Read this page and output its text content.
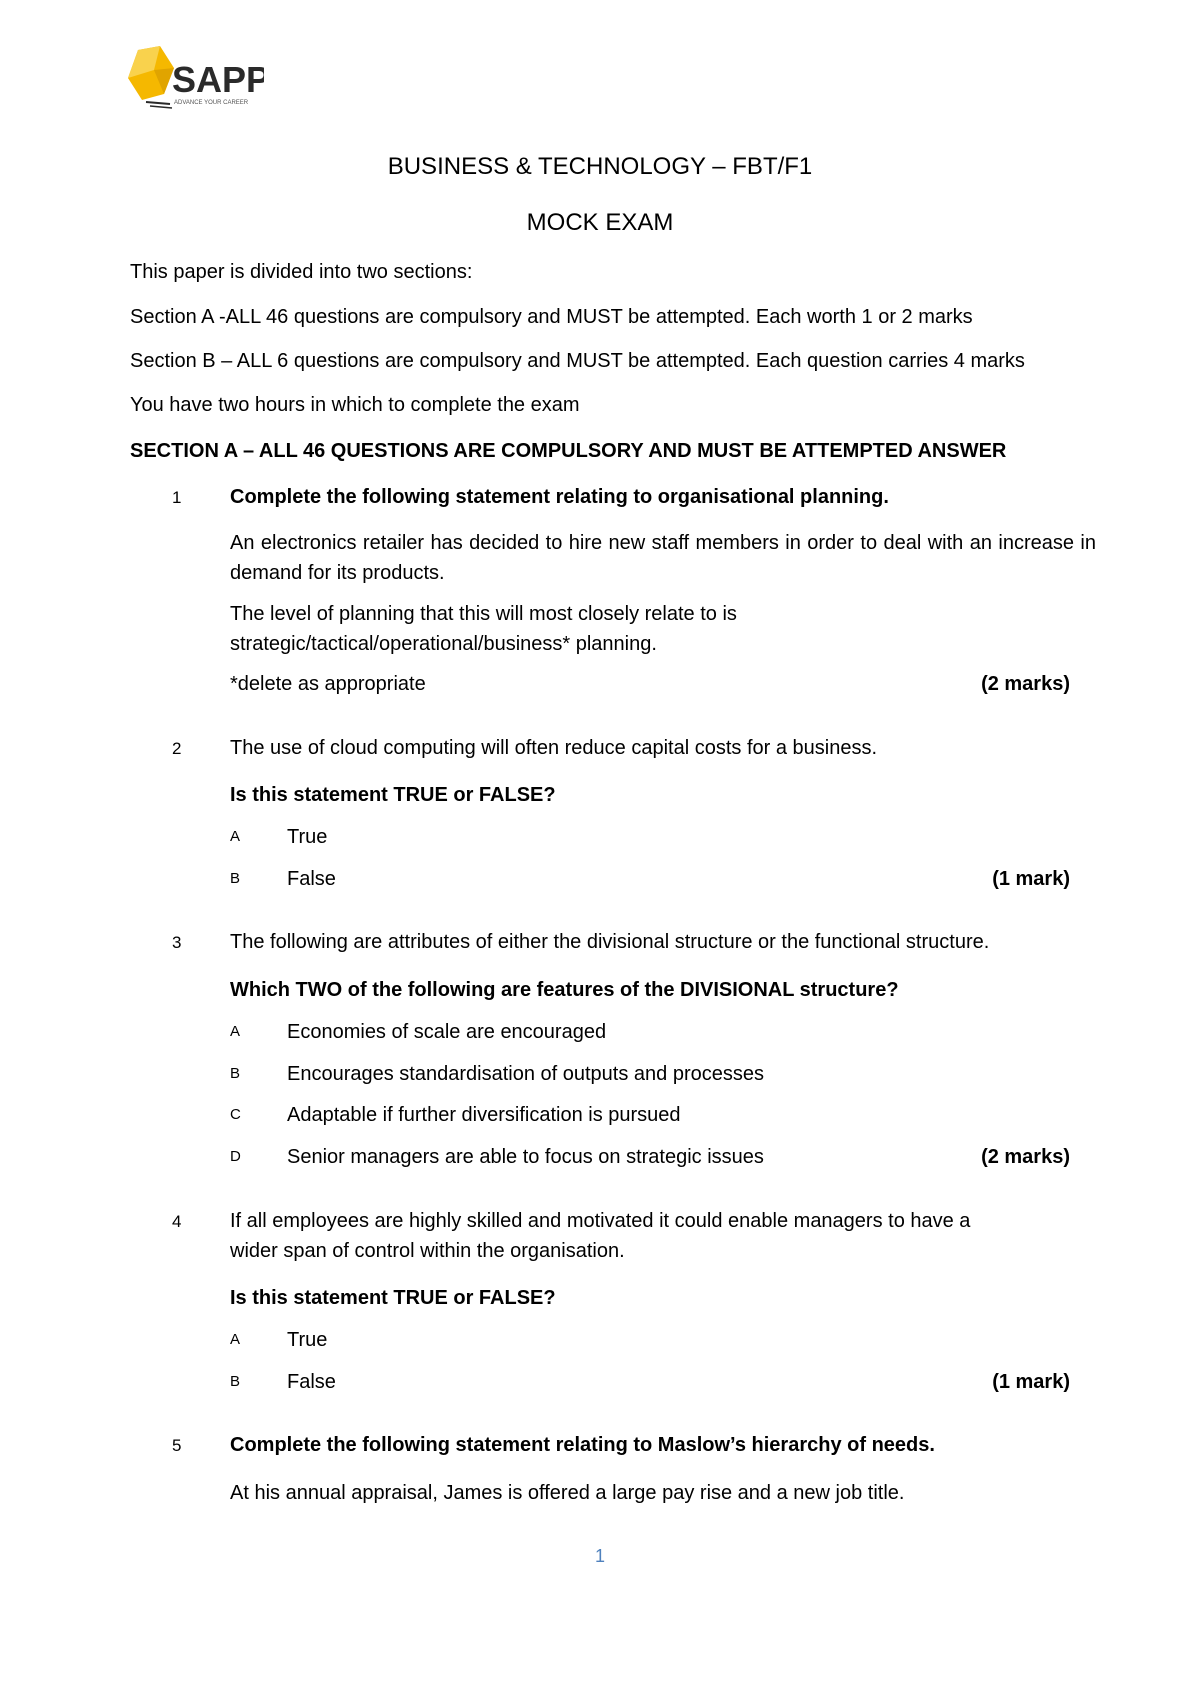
SAPP
ADVANCE YOUR CAREER
BUSINESS & TECHNOLOGY – FBT/F1
MOCK EXAM
This paper is divided into two sections:
Section A -ALL 46 questions are compulsory and MUST be attempted. Each worth 1 or 2 marks
Section B – ALL 6 questions are compulsory and MUST be attempted. Each question carries 4 marks
You have two hours in which to complete the exam
SECTION A – ALL 46 QUESTIONS ARE COMPULSORY AND MUST BE ATTEMPTED ANSWER
1 Complete the following statement relating to organisational planning.
An electronics retailer has decided to hire new staff members in order to deal with an increase in demand for its products.
The level of planning that this will most closely relate to is
strategic/tactical/operational/business* planning.
*delete as appropriate	(2 marks)
2 The use of cloud computing will often reduce capital costs for a business.
Is this statement TRUE or FALSE?
A True
B False	(1 mark)
3 The following are attributes of either the divisional structure or the functional structure.
Which TWO of the following are features of the DIVISIONAL structure?
A Economies of scale are encouraged
B Encourages standardisation of outputs and processes
C Adaptable if further diversification is pursued
D Senior managers are able to focus on strategic issues	(2 marks)
4 If all employees are highly skilled and motivated it could enable managers to have a
wider span of control within the organisation.
Is this statement TRUE or FALSE?
A True
B False	(1 mark)
5 Complete the following statement relating to Maslow’s hierarchy of needs.
At his annual appraisal, James is offered a large pay rise and a new job title.
1
